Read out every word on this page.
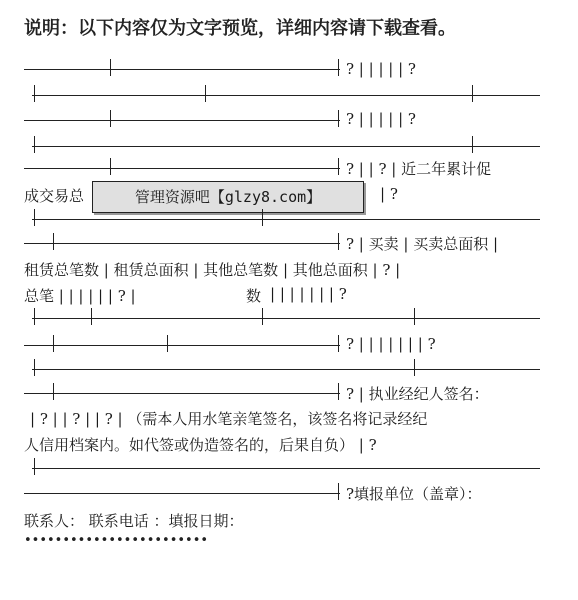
说明：以下内容仅为文字预览，详细内容请下载查看。
? | | | | | ?
? | | | | | ?
? | | ? | 近二年累计促
成交易总	| ?
管理资源吧【glzy8.com】
? | 买卖 | 买卖总面积 |
租赁总笔数 | 租赁总面积 | 其他总笔数 | 其他总面积 | ? |
总笔 | | | | | | ? |	数 | | | | | | | ?
? | | | | | | | ?
? | 执业经纪人签名：
| ? | | ? | | ? | （需本人用水笔亲笔签名，该签名将记录经纪
人信用档案内。如代签或伪造签名的，后果自负） | ?
?填报单位（盖章）：
联系人： 联系电话 ：填报日期：
••••••••••••••••••••••••
